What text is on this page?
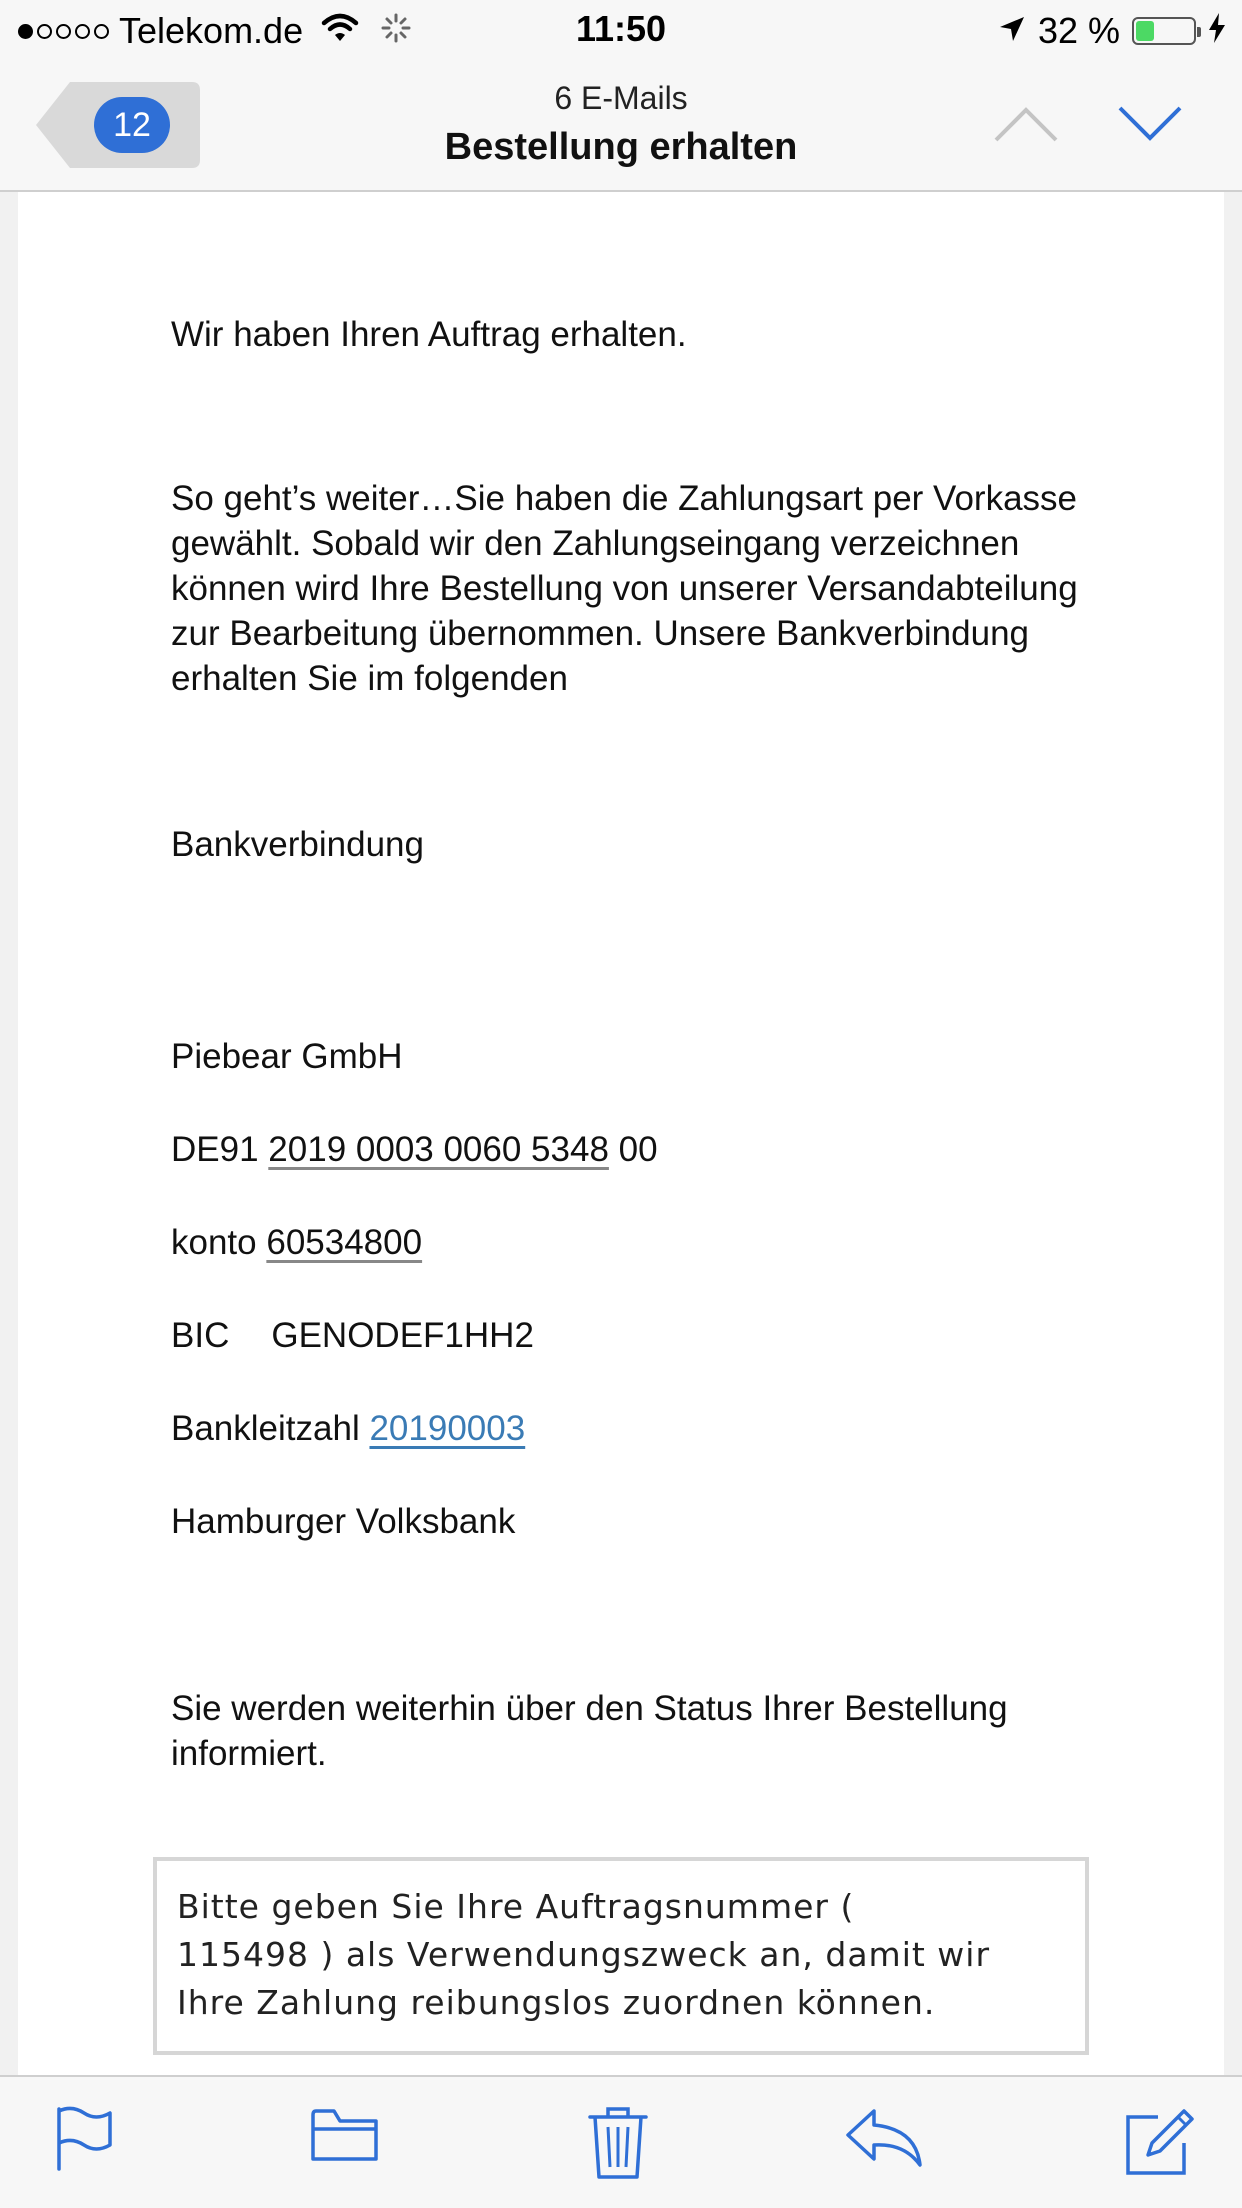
Telekom.de	11:50	32 %
12
6 E-Mails
Bestellung erhalten
Wir haben Ihren Auftrag erhalten.
So geht’s weiter…Sie haben die Zahlungsart per Vorkasse
gewählt. Sobald wir den Zahlungseingang verzeichnen
können wird Ihre Bestellung von unserer Versandabteilung
zur Bearbeitung übernommen. Unsere Bankverbindung
erhalten Sie im folgenden
Bankverbindung
Piebear GmbH
DE91 2019 0003 0060 5348 00
konto 60534800
BIC GENODEF1HH2
Bankleitzahl 20190003
Hamburger Volksbank
Sie werden weiterhin über den Status Ihrer Bestellung
informiert.
Bitte geben Sie Ihre Auftragsnummer (
115498 ) als Verwendungszweck an, damit wir
Ihre Zahlung reibungslos zuordnen können.
